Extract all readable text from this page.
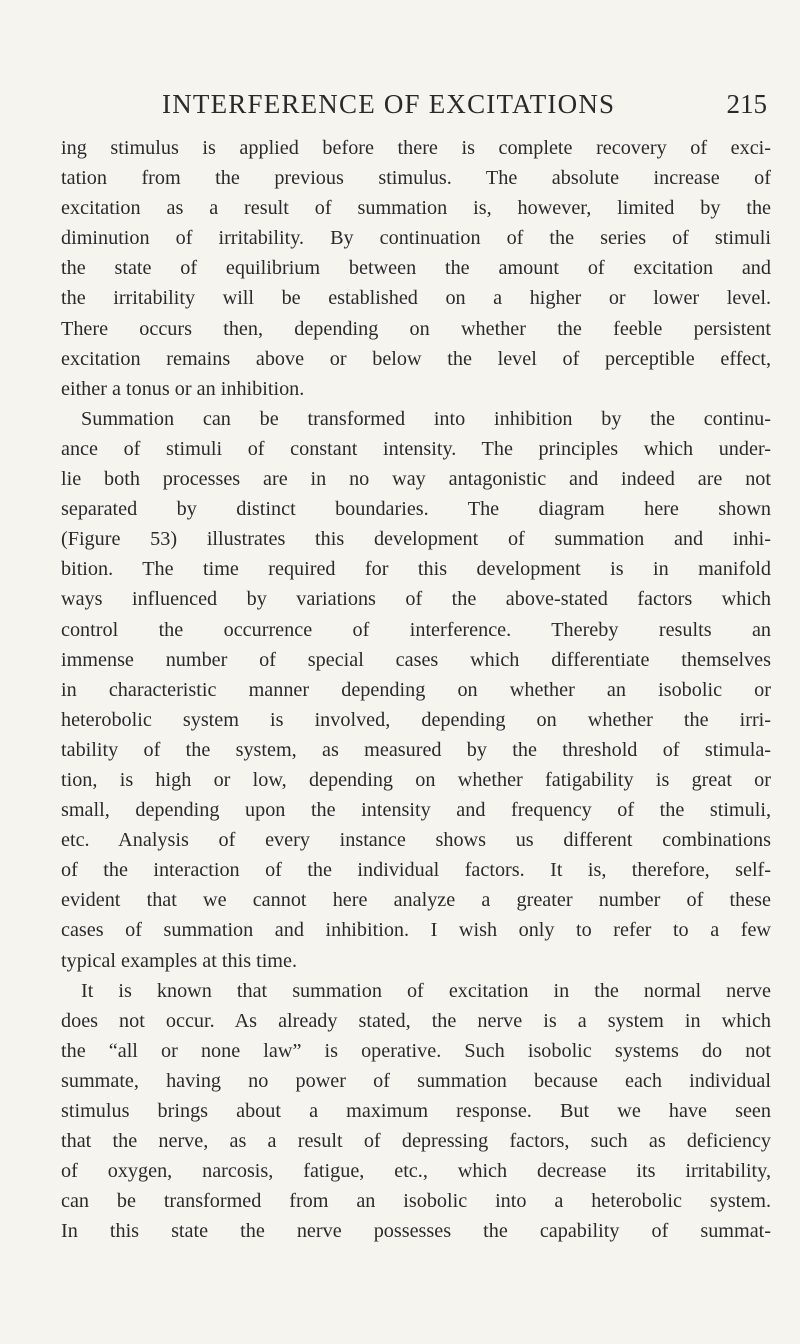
INTERFERENCE OF EXCITATIONS	215
ing stimulus is applied before there is complete recovery of exci-
tation from the previous stimulus. The absolute increase of
excitation as a result of summation is, however, limited by the
diminution of irritability. By continuation of the series of stimuli
the state of equilibrium between the amount of excitation and
the irritability will be established on a higher or lower level.
There occurs then, depending on whether the feeble persistent
excitation remains above or below the level of perceptible effect,
either a tonus or an inhibition.
Summation can be transformed into inhibition by the continu-
ance of stimuli of constant intensity. The principles which under-
lie both processes are in no way antagonistic and indeed are not
separated by distinct boundaries. The diagram here shown
(Figure 53) illustrates this development of summation and inhi-
bition. The time required for this development is in manifold
ways influenced by variations of the above-stated factors which
control the occurrence of interference. Thereby results an
immense number of special cases which differentiate themselves
in characteristic manner depending on whether an isobolic or
heterobolic system is involved, depending on whether the irri-
tability of the system, as measured by the threshold of stimula-
tion, is high or low, depending on whether fatigability is great or
small, depending upon the intensity and frequency of the stimuli,
etc. Analysis of every instance shows us different combinations
of the interaction of the individual factors. It is, therefore, self-
evident that we cannot here analyze a greater number of these
cases of summation and inhibition. I wish only to refer to a few
typical examples at this time.
It is known that summation of excitation in the normal nerve
does not occur. As already stated, the nerve is a system in which
the “all or none law” is operative. Such isobolic systems do not
summate, having no power of summation because each individual
stimulus brings about a maximum response. But we have seen
that the nerve, as a result of depressing factors, such as deficiency
of oxygen, narcosis, fatigue, etc., which decrease its irritability,
can be transformed from an isobolic into a heterobolic system.
In this state the nerve possesses the capability of summat-
